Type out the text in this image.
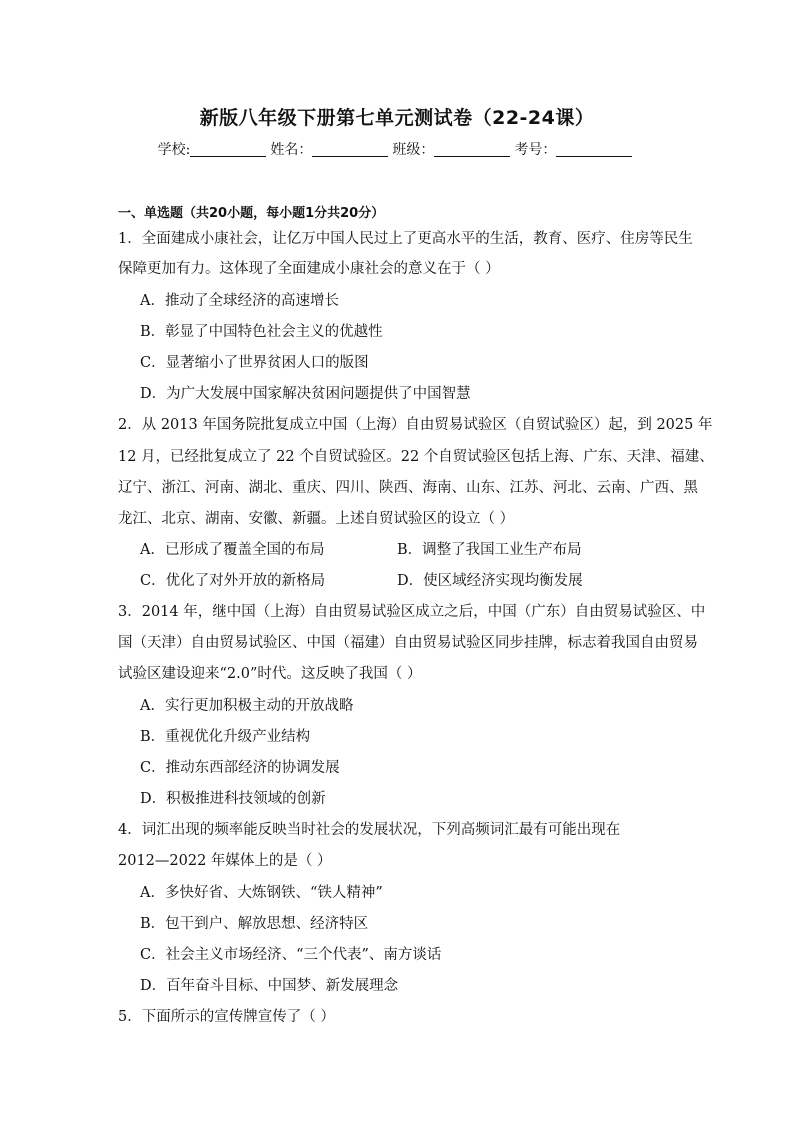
新版八年级下册第七单元测试卷（22-24课）
学校:	姓名：	班级：	考号：
一、单选题（共20小题，每小题1分共20分）
1．全面建成小康社会，让亿万中国人民过上了更高水平的生活，教育、医疗、住房等民生
保障更加有力。这体现了全面建成小康社会的意义在于（ ）
A．推动了全球经济的高速增长
B．彰显了中国特色社会主义的优越性
C．显著缩小了世界贫困人口的版图
D．为广大发展中国家解决贫困问题提供了中国智慧
2．从 2013 年国务院批复成立中国（上海）自由贸易试验区（自贸试验区）起，到 2025 年
12 月，已经批复成立了 22 个自贸试验区。22 个自贸试验区包括上海、广东、天津、福建、
辽宁、浙江、河南、湖北、重庆、四川、陕西、海南、山东、江苏、河北、云南、广西、黑
龙江、北京、湖南、安徽、新疆。上述自贸试验区的设立（ ）
A．已形成了覆盖全国的布局	B．调整了我国工业生产布局
C．优化了对外开放的新格局	D．使区域经济实现均衡发展
3．2014 年，继中国（上海）自由贸易试验区成立之后，中国（广东）自由贸易试验区、中
国（天津）自由贸易试验区、中国（福建）自由贸易试验区同步挂牌，标志着我国自由贸易
试验区建设迎来“2.0”时代。这反映了我国（ ）
A．实行更加积极主动的开放战略
B．重视优化升级产业结构
C．推动东西部经济的协调发展
D．积极推进科技领域的创新
4．词汇出现的频率能反映当时社会的发展状况，下列高频词汇最有可能出现在
2012—2022 年媒体上的是（ ）
A．多快好省、大炼钢铁、“铁人精神”
B．包干到户、解放思想、经济特区
C．社会主义市场经济、“三个代表”、南方谈话
D．百年奋斗目标、中国梦、新发展理念
5．下面所示的宣传牌宣传了（ ）
